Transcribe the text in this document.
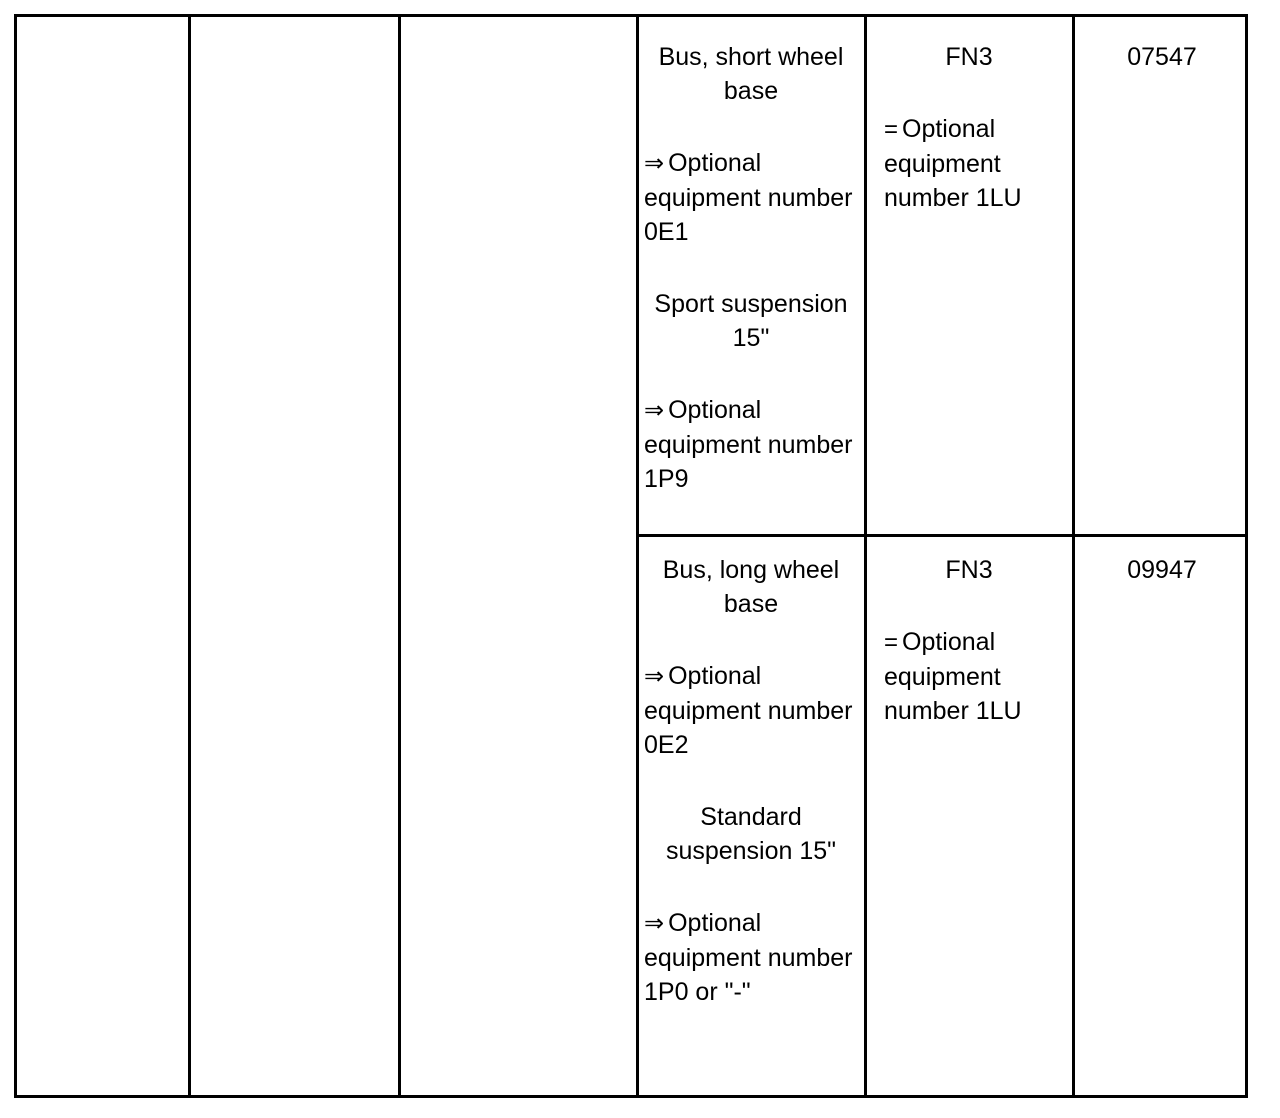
Bus, short wheel base
⇒ Optional equipment number 0E1
Sport suspension 15"
⇒ Optional equipment number 1P9
FN3
= Optional equipment number 1LU
07547
Bus, long wheel base
⇒ Optional equipment number 0E2
Standard suspension 15"
⇒ Optional equipment number 1P0 or "-"
FN3
= Optional equipment number 1LU
09947
